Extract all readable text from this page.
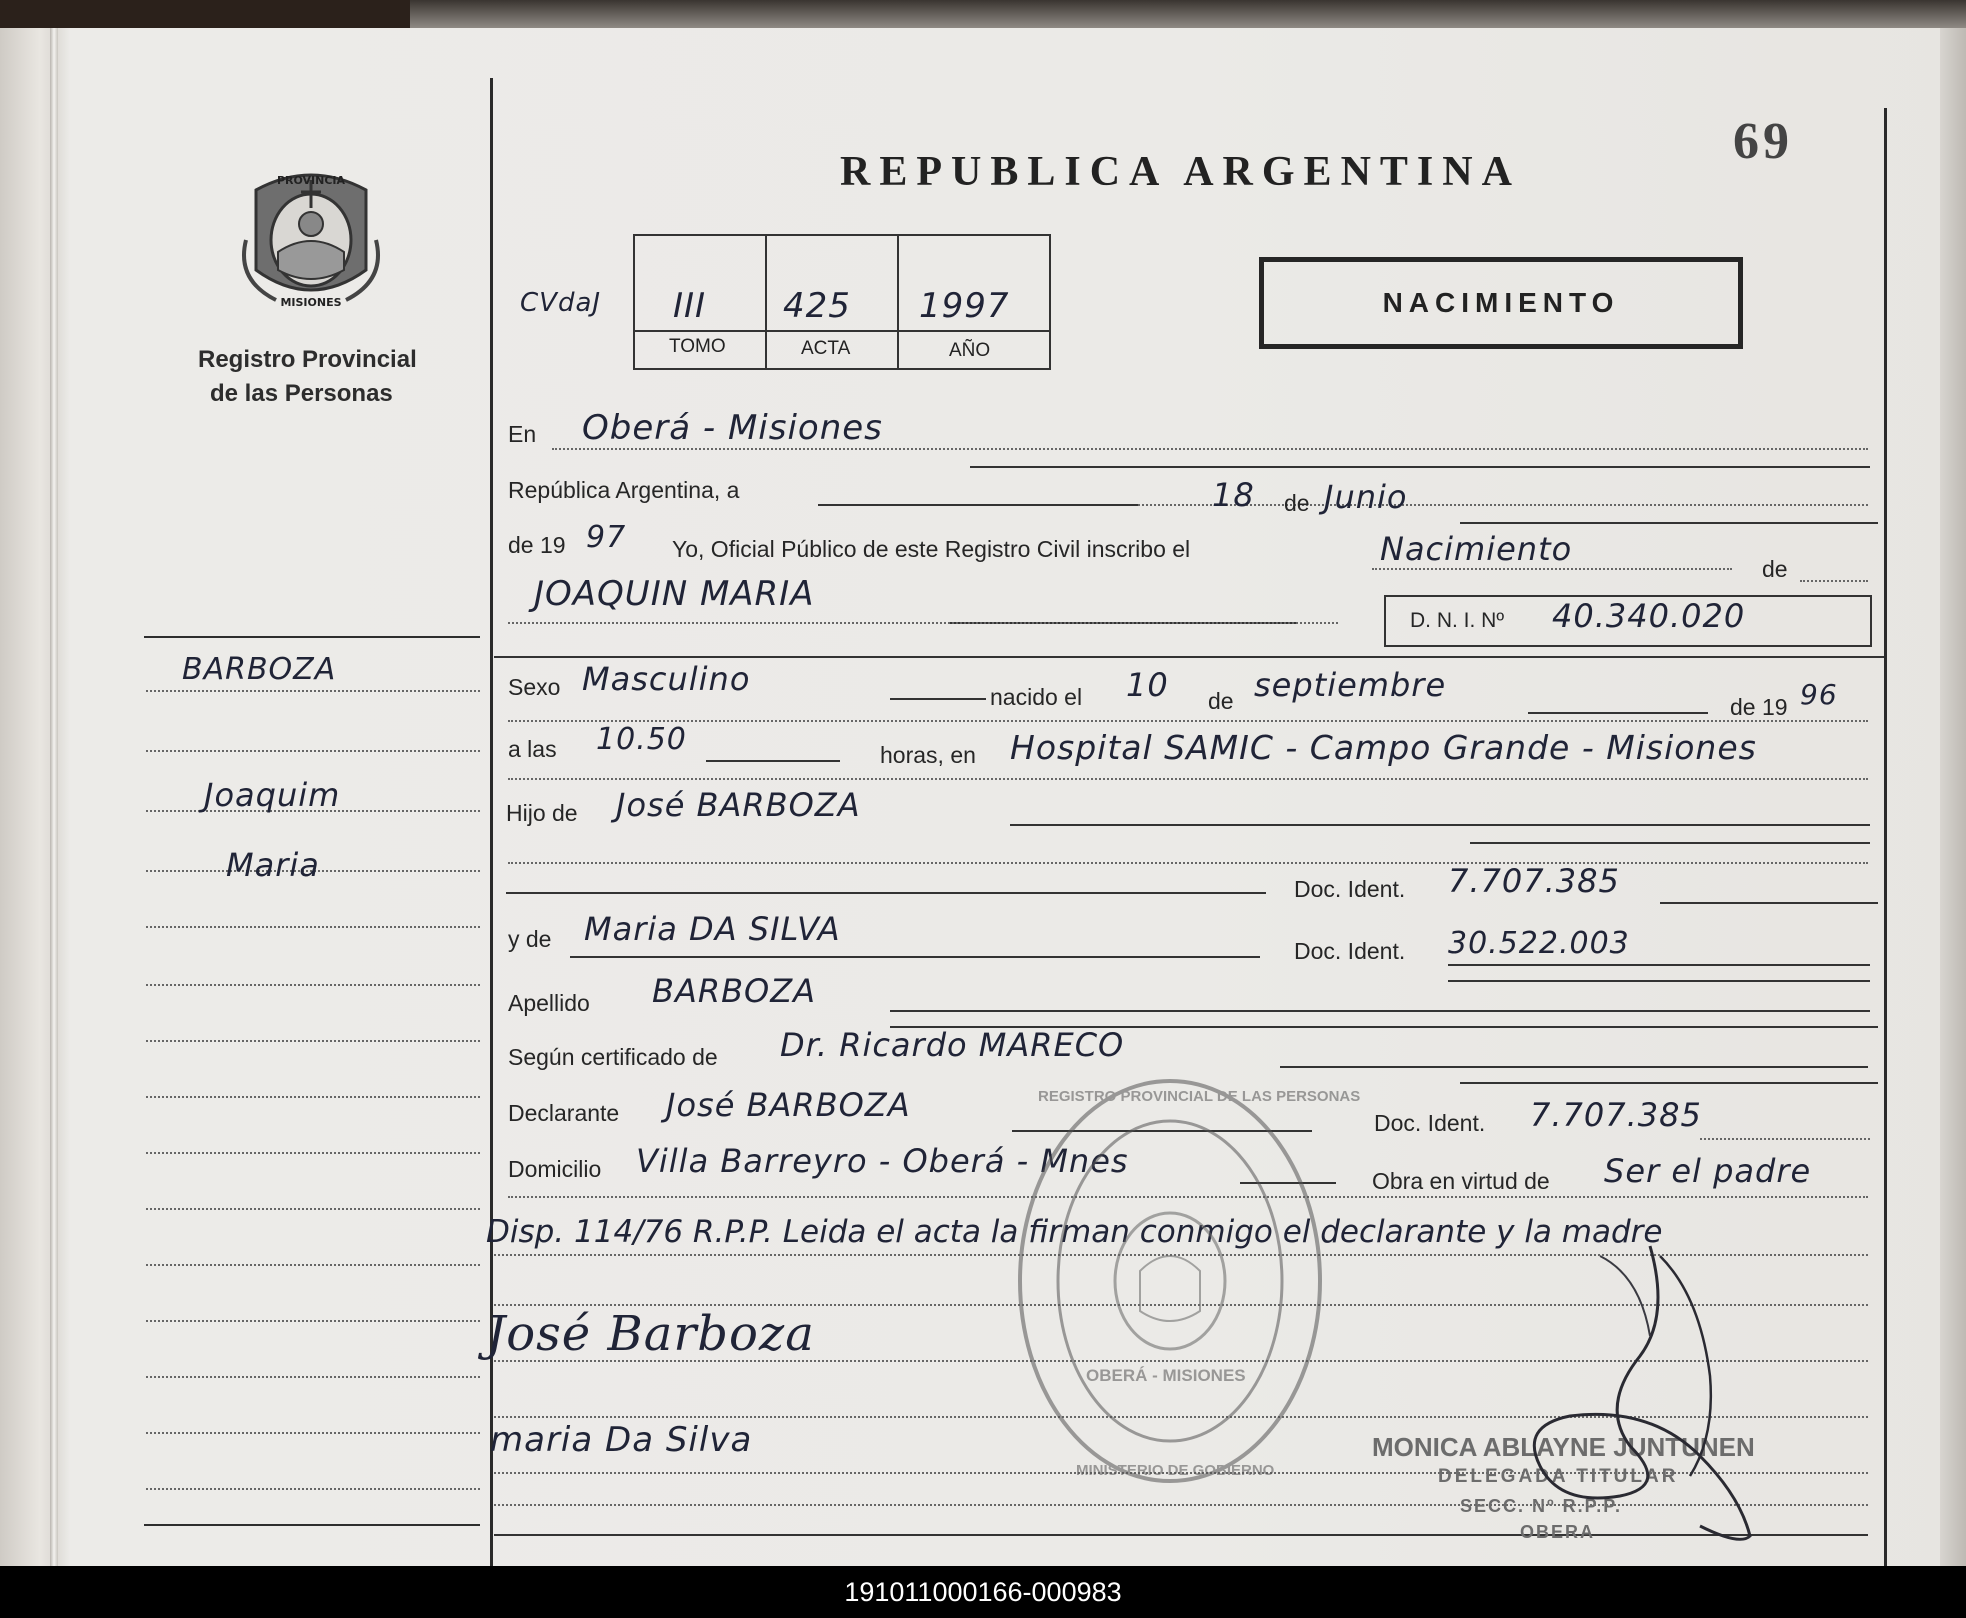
REPUBLICA ARGENTINA
69
PROVINCIA
MISIONES
Registro Provincial
de las Personas
CVdaJ III 425 1997
TOMO	ACTA	AÑO
NACIMIENTO
BARBOZA
Joaquim
Maria
En Oberá - Misiones
República Argentina, a	18 de Junio
de 19 97 Yo, Oficial Público de este Registro Civil inscribo el	Nacimiento
de
JOAQUIN MARIA
D. N. I. Nº 40.340.020
Sexo Masculino	nacido el 10 de septiembre
de 19 96
a las 10.50	horas, en Hospital SAMIC - Campo Grande - Misiones
Hijo de José BARBOZA
Doc. Ident. 7.707.385
y de Maria DA SILVA
Doc. Ident. 30.522.003
Apellido BARBOZA
Según certificado de Dr. Ricardo MARECO
Declarante José BARBOZA	Doc. Ident. 7.707.385
Domicilio Villa Barreyro - Oberá - Mnes
Obra en virtud de Ser el padre
Disp. 114/76 R.P.P. Leida el acta la firman conmigo el declarante y la madre
José Barboza
maria Da Silva
OBERÁ - MISIONES
REGISTRO PROVINCIAL DE LAS PERSONAS
MINISTERIO DE GOBIERNO
MONICA ABLAYNE JUNTUNEN
DELEGADA TITULAR
SECC. Nº R.P.P.
OBERA
191011000166-000983
